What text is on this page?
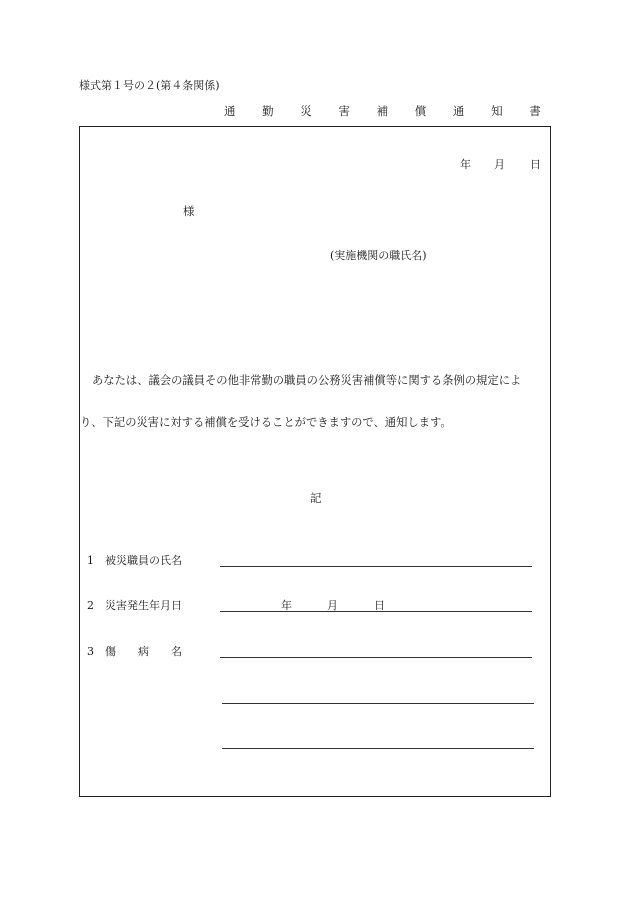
様式第１号の２(第４条関係)
通 勤 災 害 補 償 通 知 書
年 月 日
様
(実施機関の職氏名)
あなたは、議会の議員その他非常勤の職員の公務災害補償等に関する条例の規定によ
り、下記の災害に対する補償を受けることができますので、通知します。
記
1　被災職員の氏名
2　災害発生年月日	年	月	日
3　傷　　病　　名
